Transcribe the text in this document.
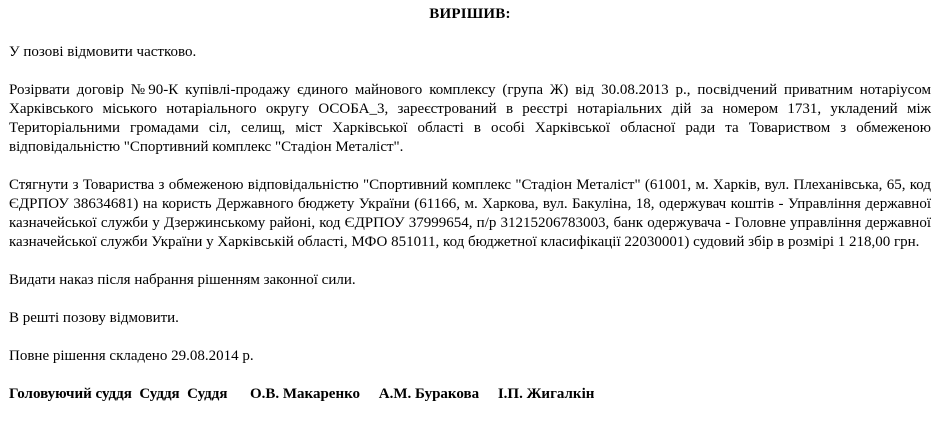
ВИРІШИВ:

У позові відмовити частково.

Розірвати договір №90-К купівлі-продажу єдиного майнового комплексу (група Ж) від 30.08.2013 р., посвідчений приватним нотаріусом Харківського міського нотаріального округу ОСОБА_3, зареєстрований в реєстрі нотаріальних дій за номером 1731, укладений між Територіальними громадами сіл, селищ, міст Харківської області в особі Харківської обласної ради та Товариством з обмеженою відповідальністю "Спортивний комплекс "Стадіон Металіст".

Стягнути з Товариства з обмеженою відповідальністю "Спортивний комплекс "Стадіон Металіст" (61001, м. Харків, вул. Плеханівська, 65, код ЄДРПОУ 38634681) на користь Державного бюджету України (61166, м. Харкова, вул. Бакуліна, 18, одержувач коштів - Управління державної казначейської служби у Дзержинському районі, код ЄДРПОУ 37999654, п/р 31215206783003, банк одержувача - Головне управління державної казначейської служби України у Харківській області, МФО 851011, код бюджетної класифікації 22030001) судовий збір в розмірі 1 218,00 грн.

Видати наказ після набрання рішенням законної сили.

В решті позову відмовити.

Повне рішення складено 29.08.2014 р.

Головуючий суддя  Суддя  Суддя      О.В. Макаренко     А.М. Буракова     І.П. Жигалкін
